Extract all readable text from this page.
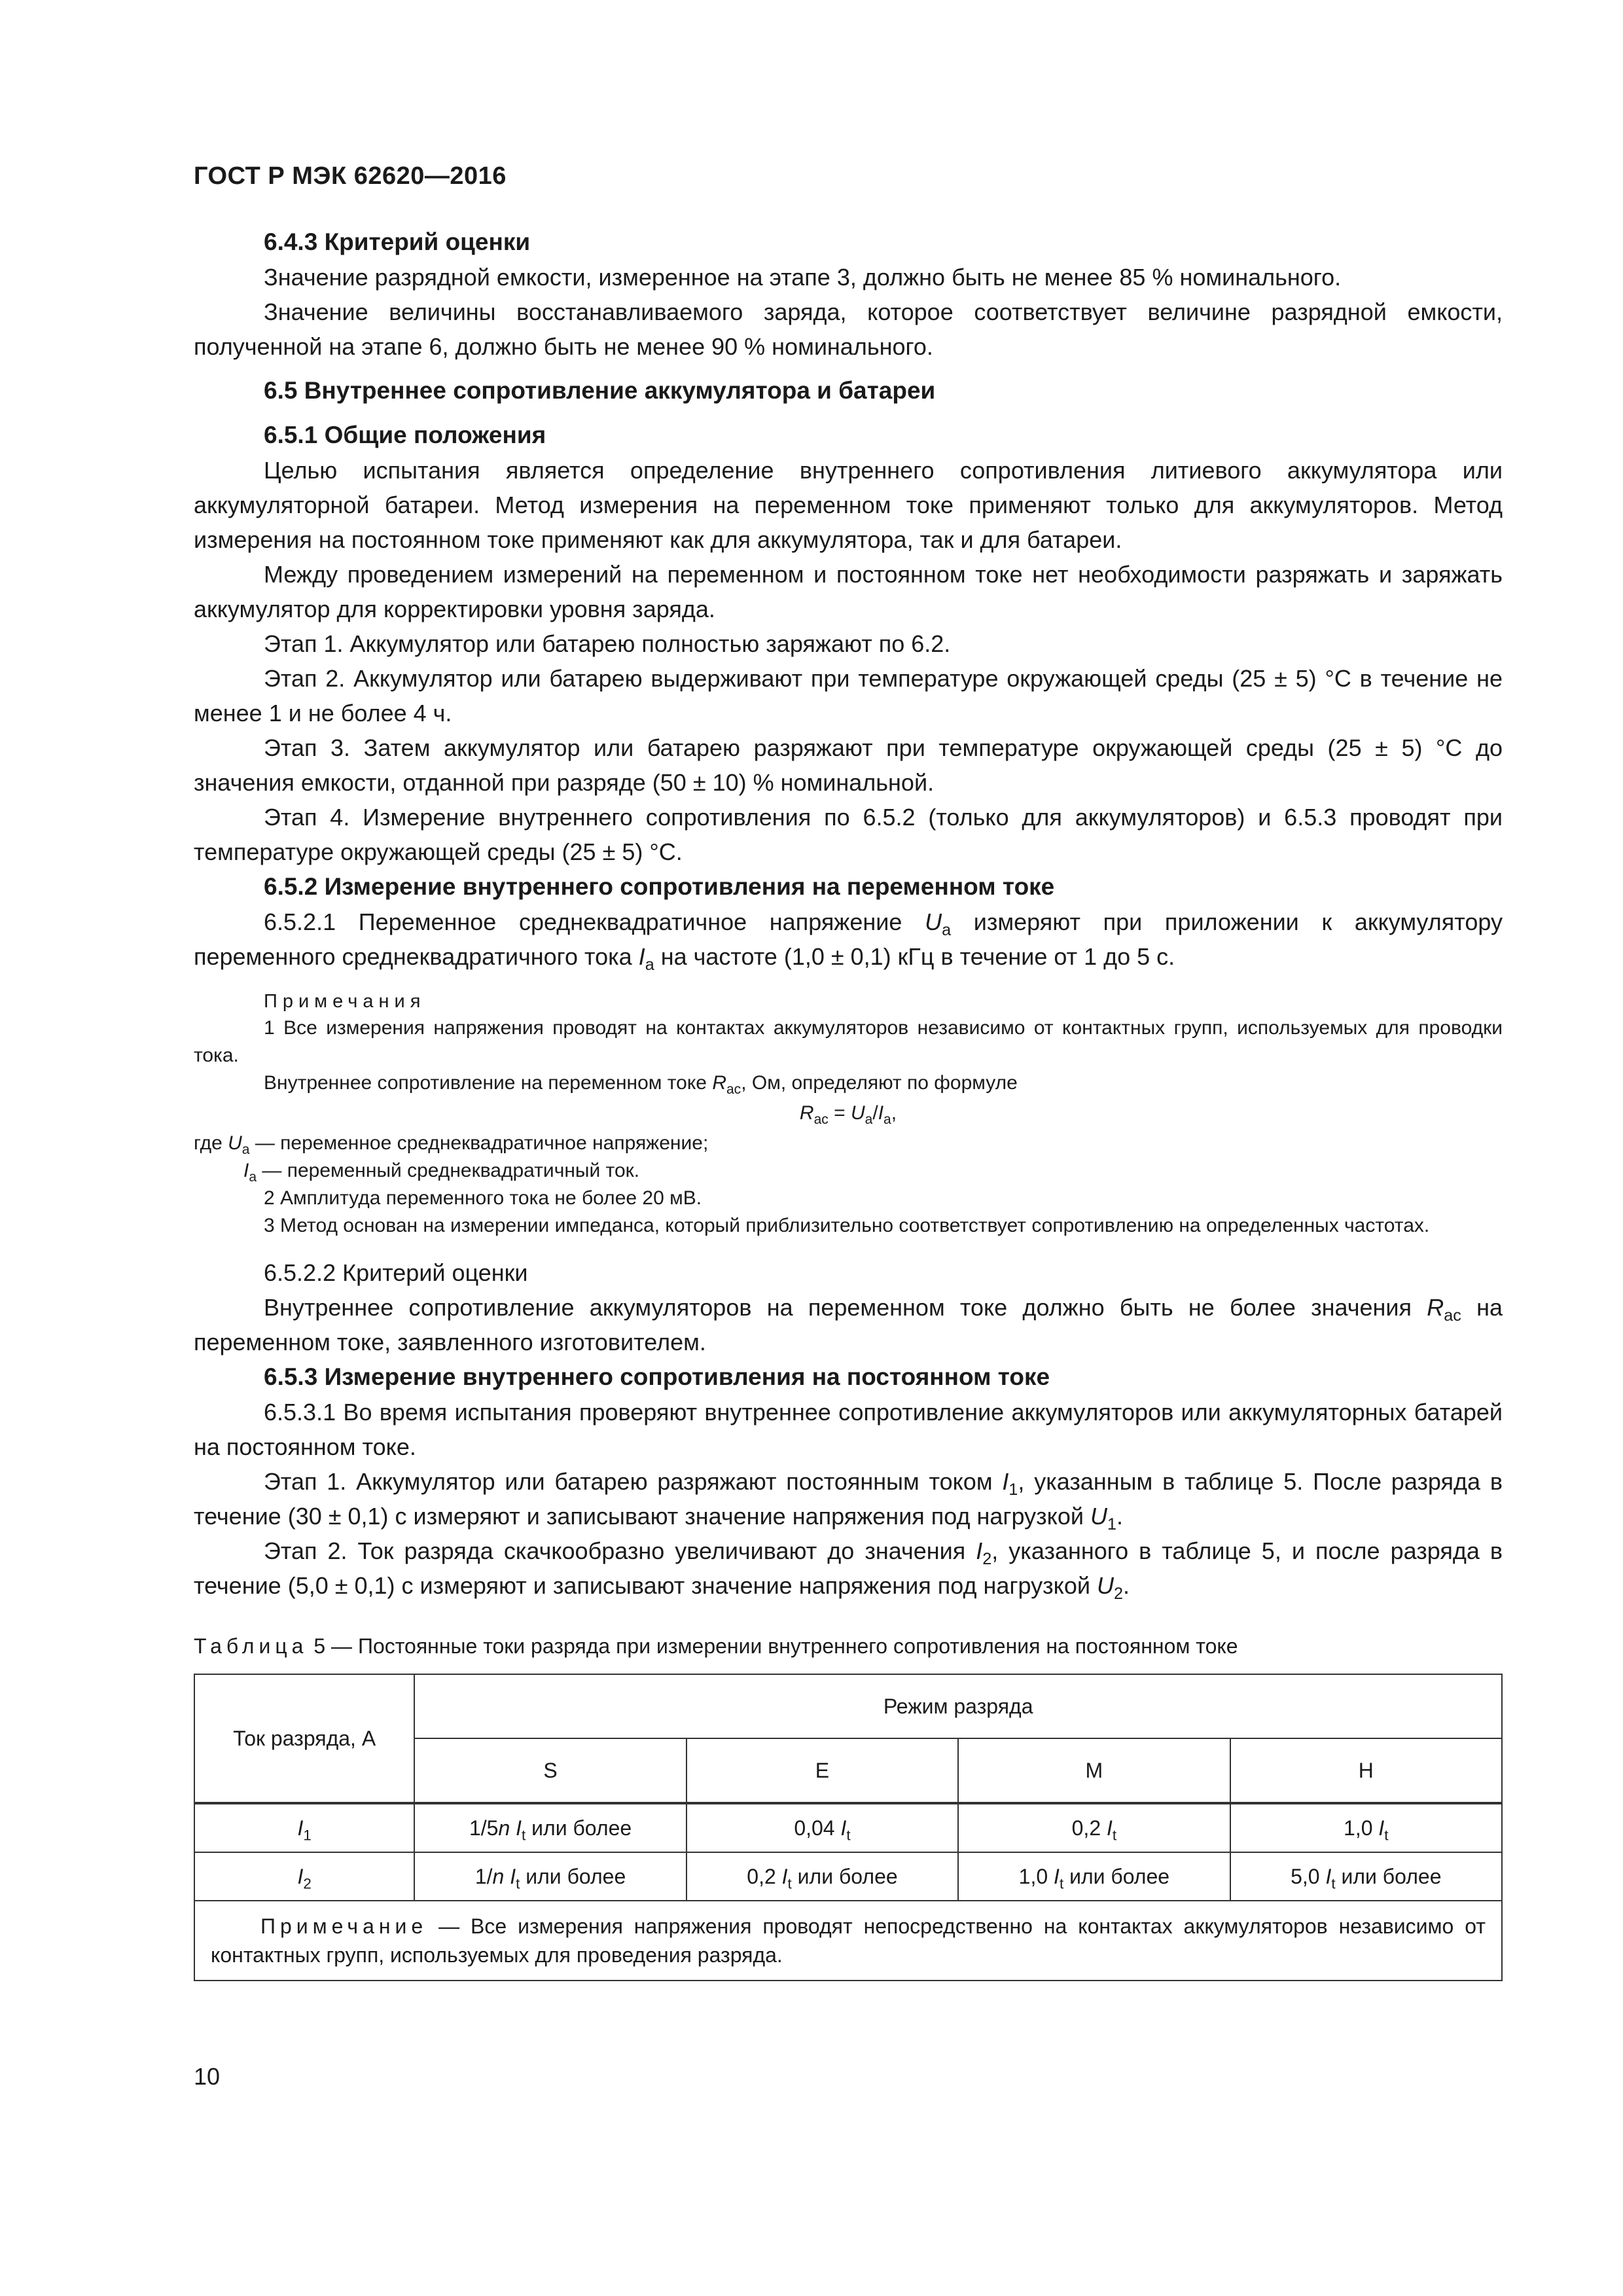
ГОСТ Р МЭК 62620—2016

6.4.3 Критерий оценки

Значение разрядной емкости, измеренное на этапе 3, должно быть не менее 85 % номинального.

Значение величины восстанавливаемого заряда, которое соответствует величине разрядной емкости, полученной на этапе 6, должно быть не менее 90 % номинального.

6.5 Внутреннее сопротивление аккумулятора и батареи

6.5.1 Общие положения

Целью испытания является определение внутреннего сопротивления литиевого аккумулятора или аккумуляторной батареи. Метод измерения на переменном токе применяют только для аккумуляторов. Метод измерения на постоянном токе применяют как для аккумулятора, так и для батареи.

Между проведением измерений на переменном и постоянном токе нет необходимости разряжать и заряжать аккумулятор для корректировки уровня заряда.

Этап 1. Аккумулятор или батарею полностью заряжают по 6.2.

Этап 2. Аккумулятор или батарею выдерживают при температуре окружающей среды (25 ± 5) °С в течение не менее 1 и не более 4 ч.

Этап 3. Затем аккумулятор или батарею разряжают при температуре окружающей среды (25 ± 5) °С до значения емкости, отданной при разряде (50 ± 10) % номинальной.

Этап 4. Измерение внутреннего сопротивления по 6.5.2 (только для аккумуляторов) и 6.5.3 проводят при температуре окружающей среды (25 ± 5) °С.

6.5.2 Измерение внутреннего сопротивления на переменном токе

6.5.2.1 Переменное среднеквадратичное напряжение $U_a$ измеряют при приложении к аккумулятору переменного среднеквадратичного тока $I_a$ на частоте (1,0 ± 0,1) кГц в течение от 1 до 5 с.

Примечания

1 Все измерения напряжения проводят на контактах аккумуляторов независимо от контактных групп, используемых для проводки тока.

Внутреннее сопротивление на переменном токе $R_{ac}$, Ом, определяют по формуле

$R_{ac} = U_a/I_a$,

где $U_a$ — переменное среднеквадратичное напряжение;

$I_a$ — переменный среднеквадратичный ток.

2 Амплитуда переменного тока не более 20 мВ.

3 Метод основан на измерении импеданса, который приблизительно соответствует сопротивлению на определенных частотах.

6.5.2.2 Критерий оценки

Внутреннее сопротивление аккумуляторов на переменном токе должно быть не более значения $R_{ac}$ на переменном токе, заявленного изготовителем.

6.5.3 Измерение внутреннего сопротивления на постоянном токе

6.5.3.1 Во время испытания проверяют внутреннее сопротивление аккумуляторов или аккумуляторных батарей на постоянном токе.

Этап 1. Аккумулятор или батарею разряжают постоянным током $I_1$, указанным в таблице 5. После разряда в течение (30 ± 0,1) с измеряют и записывают значение напряжения под нагрузкой $U_1$.

Этап 2. Ток разряда скачкообразно увеличивают до значения $I_2$, указанного в таблице 5, и после разряда в течение (5,0 ± 0,1) с измеряют и записывают значение напряжения под нагрузкой $U_2$.

Таблица 5 — Постоянные токи разряда при измерении внутреннего сопротивления на постоянном токе
Ток разряда, А	Режим разряда			
	S	E	M	H
$I_1$	1/5n $I_t$ или более	0,04 $I_t$	0,2 $I_t$	1,0 $I_t$
$I_2$	1/n $I_t$ или более	0,2 $I_t$ или более	1,0 $I_t$ или более	5,0 $I_t$ или более
Примечание — Все измерения напряжения проводят непосредственно на контактах аккумуляторов независимо от контактных групп, используемых для проведения разряда.				
10
